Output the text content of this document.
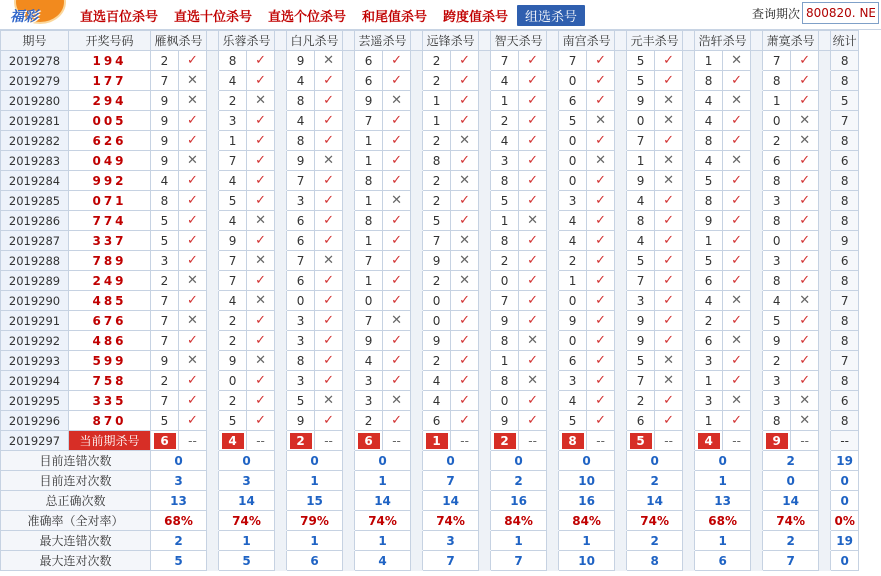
福彩	直选百位杀号 直选十位杀号 直选个位杀号 和尾值杀号 跨度值杀号	组选杀号	查询期次
800820. NET
期号	开奖号码	雁枫杀号			乐蓉杀号			白凡杀号			芸遥杀号			远锋杀号			智天杀号			南宫杀号			元丰杀号			浩轩杀号			萧寞杀号			统计
2019278	194	2	✓		8	✓		9	✕		6	✓		2	✓		7	✓		7	✓		5	✓		1	✕		7	✓		8
2019279	177	7	✕		4	✓		4	✓		6	✓		2	✓		4	✓		0	✓		5	✓		8	✓		8	✓		8
2019280	294	9	✕		2	✕		8	✓		9	✕		1	✓		1	✓		6	✓		9	✕		4	✕		1	✓		5
2019281	005	9	✓		3	✓		4	✓		7	✓		1	✓		2	✓		5	✕		0	✕		4	✓		0	✕		7
2019282	626	9	✓		1	✓		8	✓		1	✓		2	✕		4	✓		0	✓		7	✓		8	✓		2	✕		8
2019283	049	9	✕		7	✓		9	✕		1	✓		8	✓		3	✓		0	✕		1	✕		4	✕		6	✓		6
2019284	992	4	✓		4	✓		7	✓		8	✓		2	✕		8	✓		0	✓		9	✕		5	✓		8	✓		8
2019285	071	8	✓		5	✓		3	✓		1	✕		2	✓		5	✓		3	✓		4	✓		8	✓		3	✓		8
2019286	774	5	✓		4	✕		6	✓		8	✓		5	✓		1	✕		4	✓		8	✓		9	✓		8	✓		8
2019287	337	5	✓		9	✓		6	✓		1	✓		7	✕		8	✓		4	✓		4	✓		1	✓		0	✓		9
2019288	789	3	✓		7	✕		7	✕		7	✓		9	✕		2	✓		2	✓		5	✓		5	✓		3	✓		6
2019289	249	2	✕		7	✓		6	✓		1	✓		2	✕		0	✓		1	✓		7	✓		6	✓		8	✓		8
2019290	485	7	✓		4	✕		0	✓		0	✓		0	✓		7	✓		0	✓		3	✓		4	✕		4	✕		7
2019291	676	7	✕		2	✓		3	✓		7	✕		0	✓		9	✓		9	✓		9	✓		2	✓		5	✓		8
2019292	486	7	✓		2	✓		3	✓		9	✓		9	✓		8	✕		0	✓		9	✓		6	✕		9	✓		8
2019293	599	9	✕		9	✕		8	✓		4	✓		2	✓		1	✓		6	✓		5	✕		3	✓		2	✓		7
2019294	758	2	✓		0	✓		3	✓		3	✓		4	✓		8	✕		3	✓		7	✕		1	✓		3	✓		8
2019295	335	7	✓		2	✓		5	✕		3	✕		4	✓		0	✓		4	✓		2	✓		3	✕		3	✕		6
2019296	870	5	✓		5	✓		9	✓		2	✓		6	✓		9	✓		5	✓		6	✓		1	✓		8	✕		8
2019297	当前期杀号	6	--		4	--		2	--		6	--		1	--		2	--		8	--		5	--		4	--		9	--		--
目前连错次数		0			0			0			0			0			0			0			0			0			2			19
目前连对次数		3			3			1			1			7			2			10			2			1			0			0
总正确次数		13			14			15			14			14			16			16			14			13			14			0
准确率（全对率）		68%			74%			79%			74%			74%			84%			84%			74%			68%			74%			0%
最大连错次数		2			1			1			1			3			1			1			2			1			2			19
最大连对次数		5			5			6			4			7			7			10			8			6			7			0
